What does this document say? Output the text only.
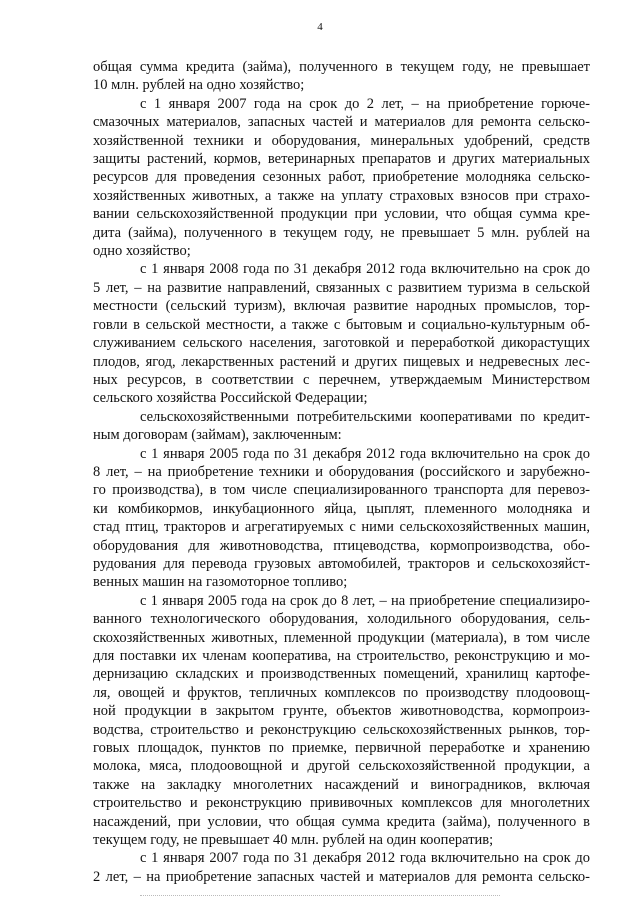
4
общая сумма кредита (займа), полученного в текущем году, не превышает
10 млн. рублей на одно хозяйство;
с 1 января 2007 года на срок до 2 лет, – на приобретение горюче-
смазочных материалов, запасных частей и материалов для ремонта сельско-
хозяйственной техники и оборудования, минеральных удобрений, средств
защиты растений, кормов, ветеринарных препаратов и других материальных
ресурсов для проведения сезонных работ, приобретение молодняка сельско-
хозяйственных животных, а также на уплату страховых взносов при страхо-
вании сельскохозяйственной продукции при условии, что общая сумма кре-
дита (займа), полученного в текущем году, не превышает 5 млн. рублей на
одно хозяйство;
с 1 января 2008 года по 31 декабря 2012 года включительно на срок до
5 лет, – на развитие направлений, связанных с развитием туризма в сельской
местности (сельский туризм), включая развитие народных промыслов, тор-
говли в сельской местности, а также с бытовым и социально-культурным об-
служиванием сельского населения, заготовкой и переработкой дикорастущих
плодов, ягод, лекарственных растений и других пищевых и недревесных лес-
ных ресурсов, в соответствии с перечнем, утверждаемым Министерством
сельского хозяйства Российской Федерации;
сельскохозяйственными потребительскими кооперативами по кредит-
ным договорам (займам), заключенным:
с 1 января 2005 года по 31 декабря 2012 года включительно на срок до
8 лет, – на приобретение техники и оборудования (российского и зарубежно-
го производства), в том числе специализированного транспорта для перевоз-
ки комбикормов, инкубационного яйца, цыплят, племенного молодняка и
стад птиц, тракторов и агрегатируемых с ними сельскохозяйственных машин,
оборудования для животноводства, птицеводства, кормопроизводства, обо-
рудования для перевода грузовых автомобилей, тракторов и сельскохозяйст-
венных машин на газомоторное топливо;
с 1 января 2005 года на срок до 8 лет, – на приобретение специализиро-
ванного технологического оборудования, холодильного оборудования, сель-
скохозяйственных животных, племенной продукции (материала), в том числе
для поставки их членам кооператива, на строительство, реконструкцию и мо-
дернизацию складских и производственных помещений, хранилищ картофе-
ля, овощей и фруктов, тепличных комплексов по производству плодоовощ-
ной продукции в закрытом грунте, объектов животноводства, кормопроиз-
водства, строительство и реконструкцию сельскохозяйственных рынков, тор-
говых площадок, пунктов по приемке, первичной переработке и хранению
молока, мяса, плодоовощной и другой сельскохозяйственной продукции, а
также на закладку многолетних насаждений и виноградников, включая
строительство и реконструкцию прививочных комплексов для многолетних
насаждений, при условии, что общая сумма кредита (займа), полученного в
текущем году, не превышает 40 млн. рублей на один кооператив;
с 1 января 2007 года по 31 декабря 2012 года включительно на срок до
2 лет, – на приобретение запасных частей и материалов для ремонта сельско-
